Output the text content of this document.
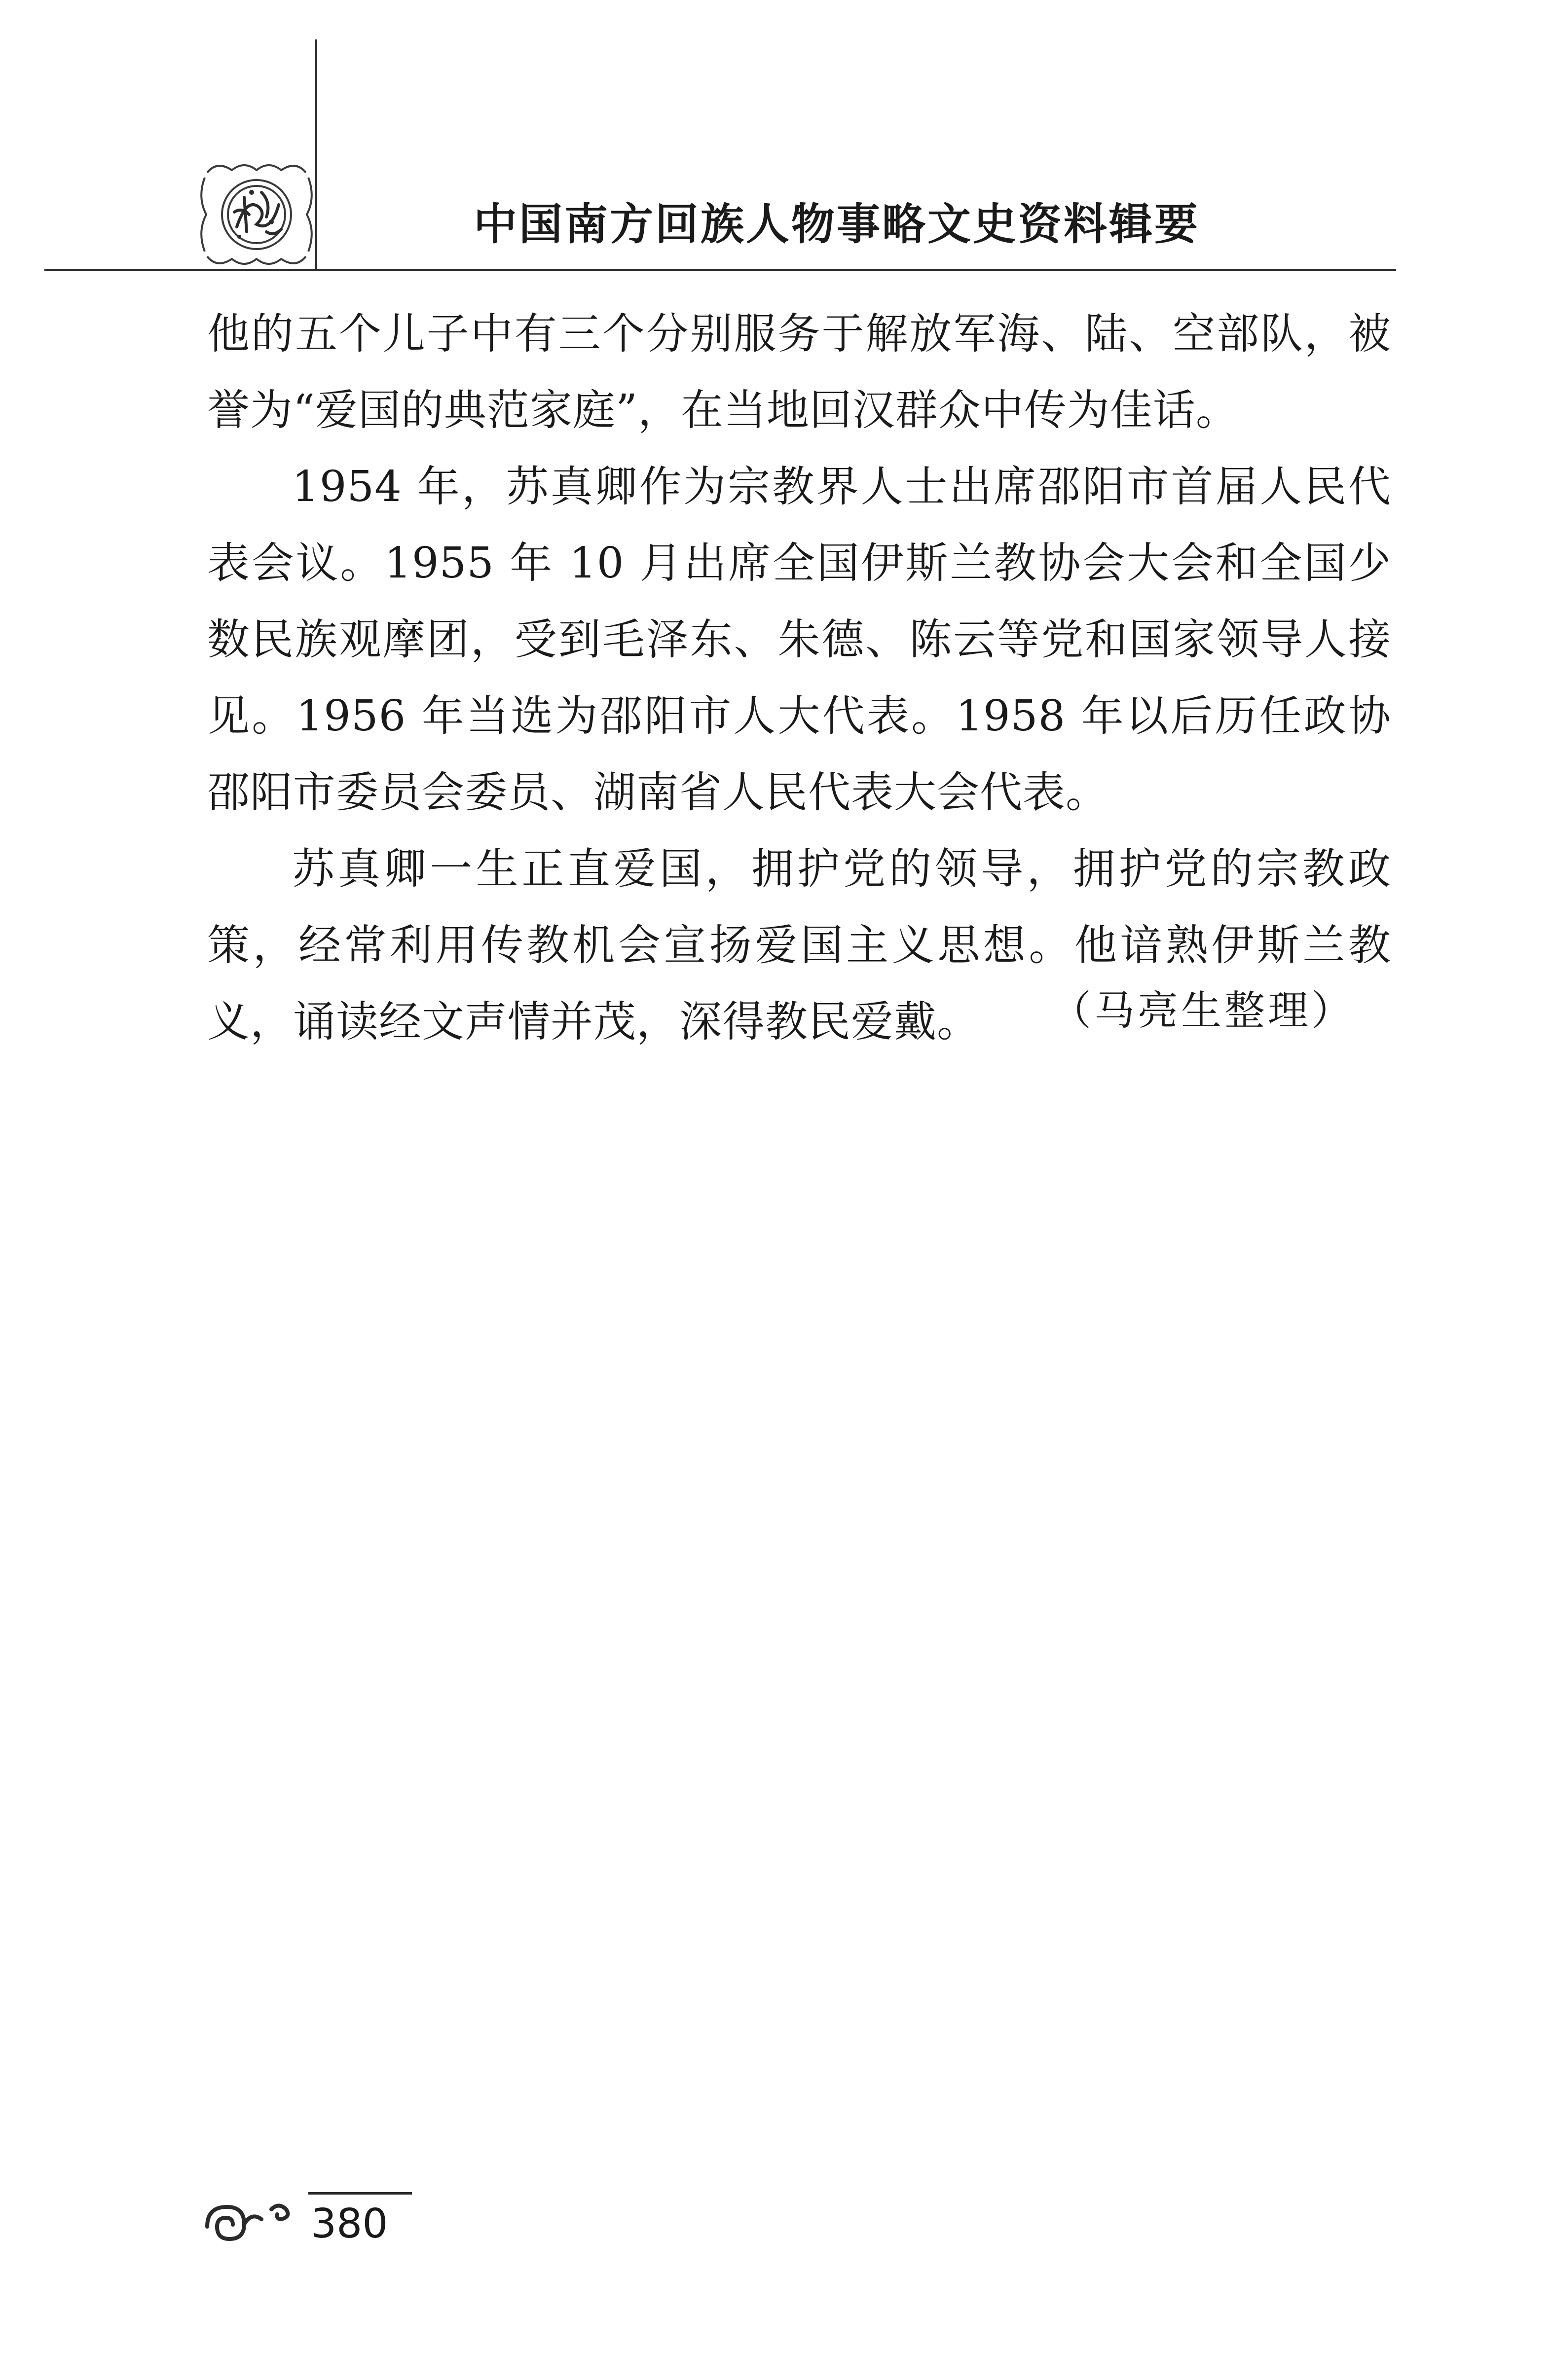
中国南方回族人物事略文史资料辑要

他的五个儿子中有三个分别服务于解放军海、陆、空部队，被誉为“爱国的典范家庭”，在当地回汉群众中传为佳话。

1954 年，苏真卿作为宗教界人士出席邵阳市首届人民代表会议。1955 年 10 月出席全国伊斯兰教协会大会和全国少数民族观摩团，受到毛泽东、朱德、陈云等党和国家领导人接见。1956 年当选为邵阳市人大代表。1958 年以后历任政协邵阳市委员会委员、湖南省人民代表大会代表。

苏真卿一生正直爱国，拥护党的领导，拥护党的宗教政策，经常利用传教机会宣扬爱国主义思想。他谙熟伊斯兰教义，诵读经文声情并茂，深得教民爱戴。	（马亮生整理）
380
